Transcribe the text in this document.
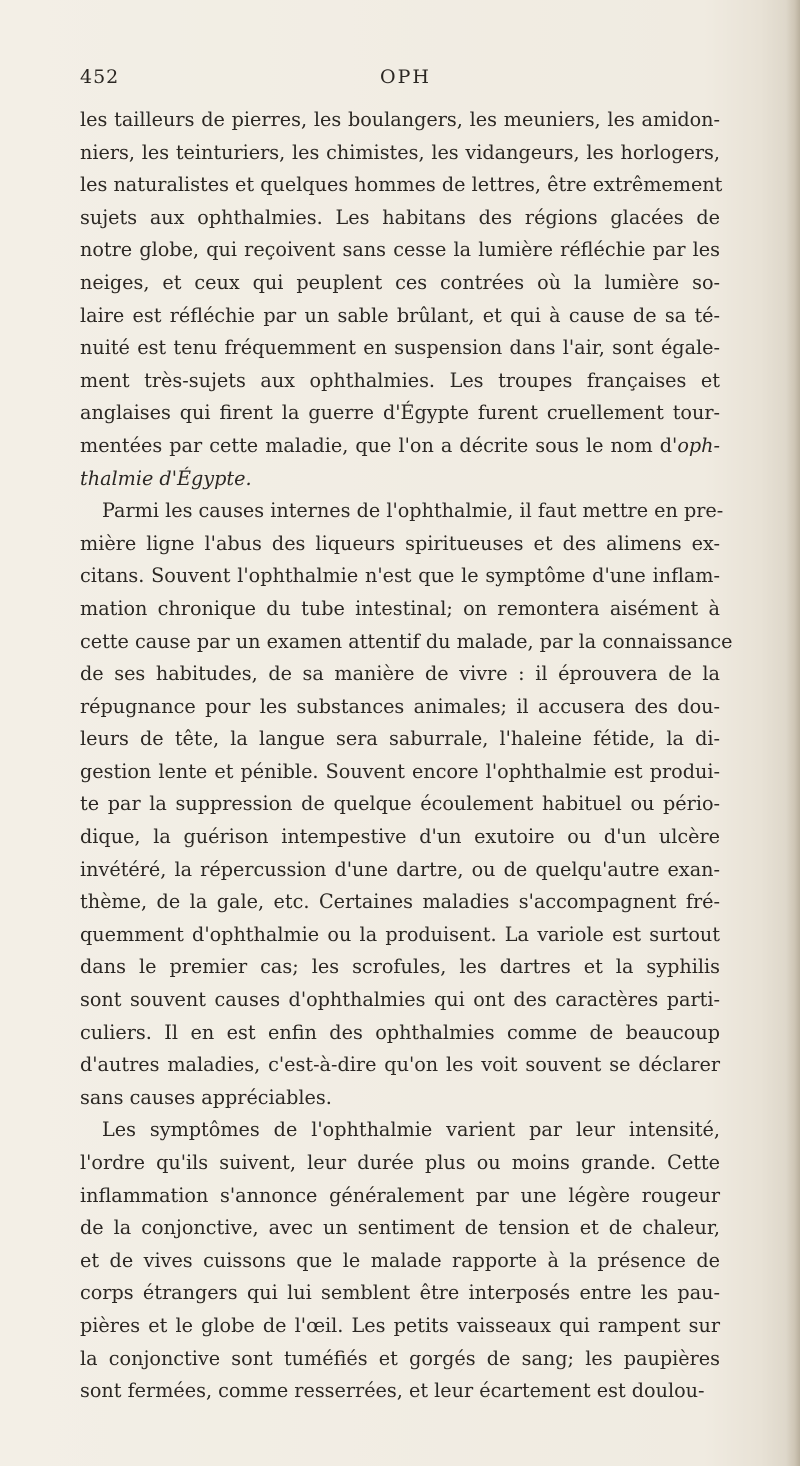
452	OPH
les tailleurs de pierres, les boulangers, les meuniers, les amidon-
niers, les teinturiers, les chimistes, les vidangeurs, les horlogers,
les naturalistes et quelques hommes de lettres, être extrêmement
sujets aux ophthalmies. Les habitans des régions glacées de
notre globe, qui reçoivent sans cesse la lumière réfléchie par les
neiges, et ceux qui peuplent ces contrées où la lumière so-
laire est réfléchie par un sable brûlant, et qui à cause de sa té-
nuité est tenu fréquemment en suspension dans l'air, sont égale-
ment très-sujets aux ophthalmies. Les troupes françaises et
anglaises qui firent la guerre d'Égypte furent cruellement tour-
mentées par cette maladie, que l'on a décrite sous le nom d'oph-
thalmie d'Égypte.
Parmi les causes internes de l'ophthalmie, il faut mettre en pre-
mière ligne l'abus des liqueurs spiritueuses et des alimens ex-
citans. Souvent l'ophthalmie n'est que le symptôme d'une inflam-
mation chronique du tube intestinal; on remontera aisément à
cette cause par un examen attentif du malade, par la connaissance
de ses habitudes, de sa manière de vivre : il éprouvera de la
répugnance pour les substances animales; il accusera des dou-
leurs de tête, la langue sera saburrale, l'haleine fétide, la di-
gestion lente et pénible. Souvent encore l'ophthalmie est produi-
te par la suppression de quelque écoulement habituel ou pério-
dique, la guérison intempestive d'un exutoire ou d'un ulcère
invétéré, la répercussion d'une dartre, ou de quelqu'autre exan-
thème, de la gale, etc. Certaines maladies s'accompagnent fré-
quemment d'ophthalmie ou la produisent. La variole est surtout
dans le premier cas; les scrofules, les dartres et la syphilis
sont souvent causes d'ophthalmies qui ont des caractères parti-
culiers. Il en est enfin des ophthalmies comme de beaucoup
d'autres maladies, c'est-à-dire qu'on les voit souvent se déclarer
sans causes appréciables.
Les symptômes de l'ophthalmie varient par leur intensité,
l'ordre qu'ils suivent, leur durée plus ou moins grande. Cette
inflammation s'annonce généralement par une légère rougeur
de la conjonctive, avec un sentiment de tension et de chaleur,
et de vives cuissons que le malade rapporte à la présence de
corps étrangers qui lui semblent être interposés entre les pau-
pières et le globe de l'œil. Les petits vaisseaux qui rampent sur
la conjonctive sont tuméfiés et gorgés de sang; les paupières
sont fermées, comme resserrées, et leur écartement est doulou-
